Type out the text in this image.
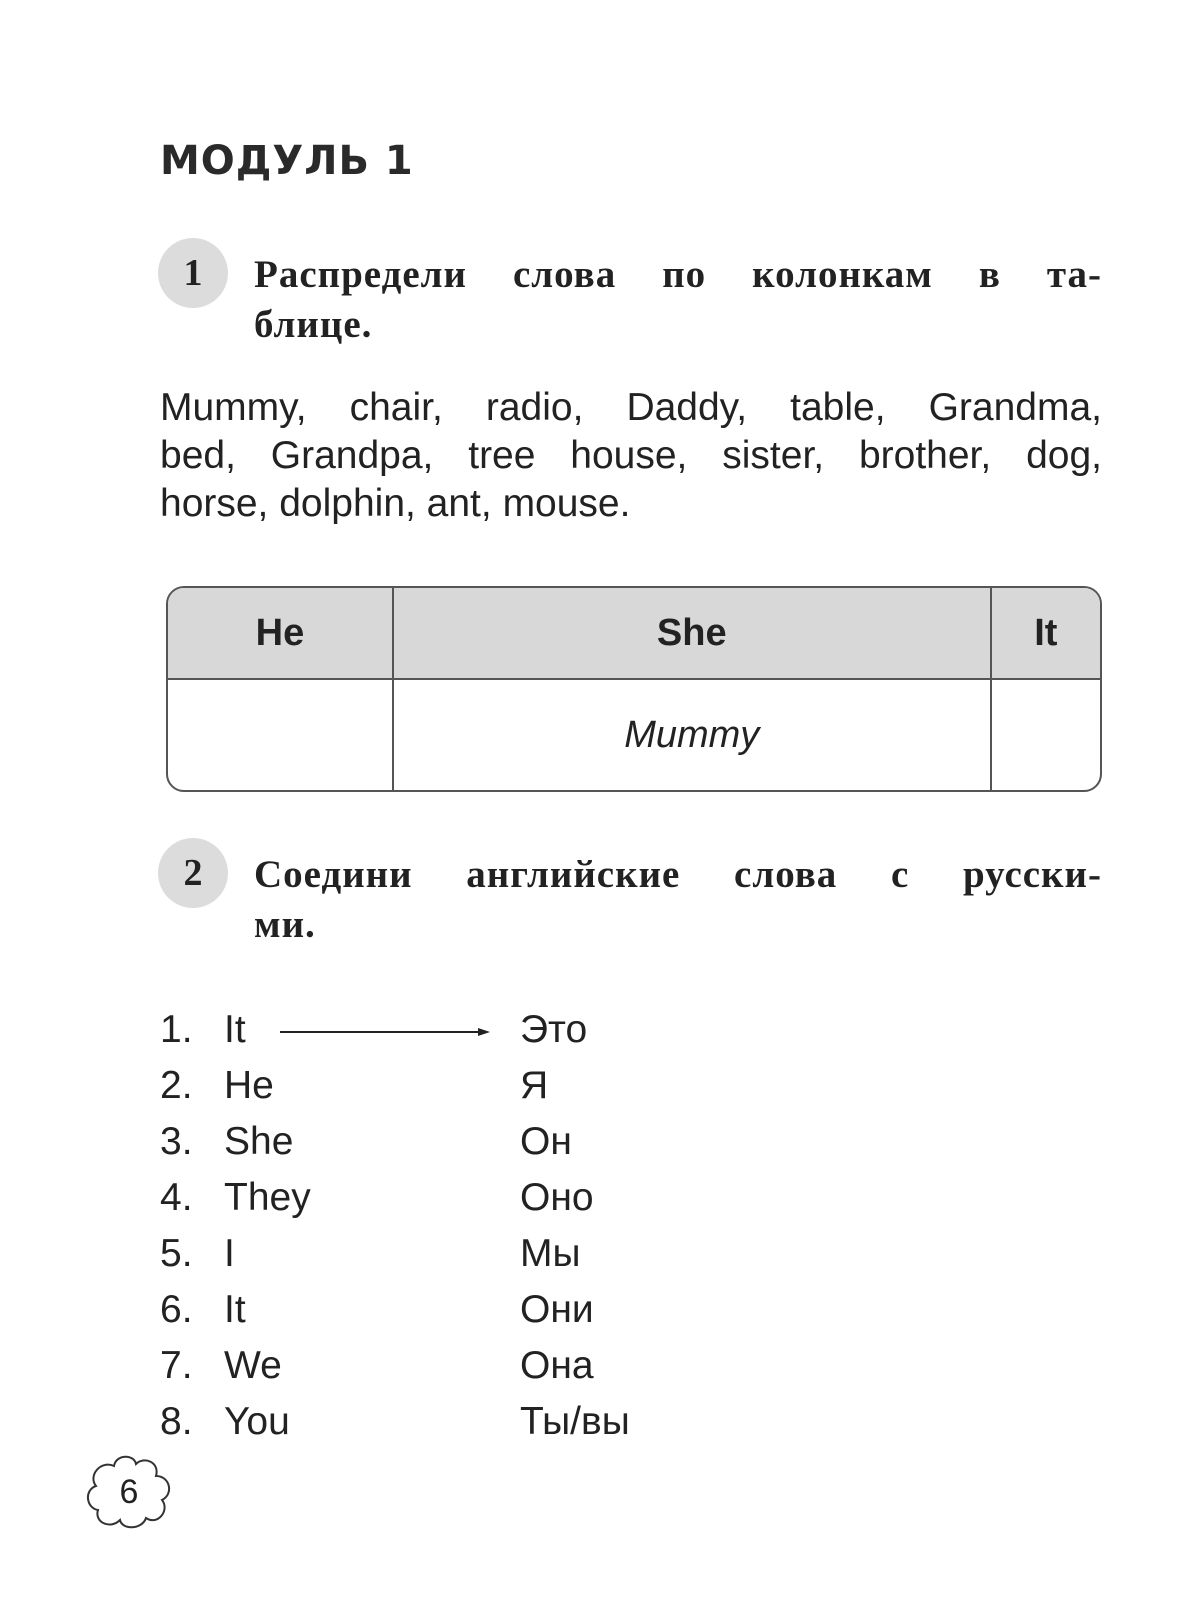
МОДУЛЬ 1
1	Распредели слова по колонкам в та-
блице.
Mummy, chair, radio, Daddy, table, Grandma,
bed, Grandpa, tree house, sister, brother, dog,
horse, dolphin, ant, mouse.
He	She	It
	Mummy	
2	Соедини английские слова с русски-
ми.
1. It	Это
2. He	Я
3. She	Он
4. They	Оно
5. I	Мы
6. It	Они
7. We	Она
8. You	Ты/вы
6
